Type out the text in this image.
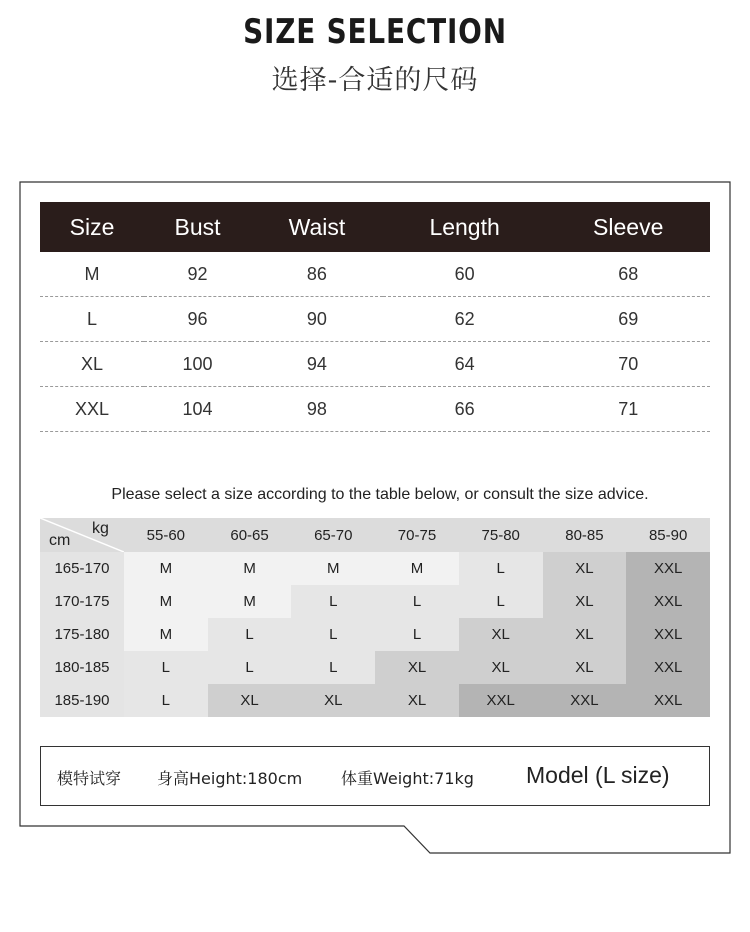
SIZE SELECTION
选择-合适的尺码
Size	Bust	Waist	Length	Sleeve
M	92	86	60	68
L	96	90	62	69
XL	100	94	64	70
XXL	104	98	66	71
Please select a size according to the table below, or consult the size advice.
kg
cm	55-60	60-65	65-70	70-75	75-80	80-85	85-90
165-170	M	M	M	M	L	XL	XXL
170-175	M	M	L	L	L	XL	XXL
175-180	M	L	L	L	XL	XL	XXL
180-185	L	L	L	XL	XL	XL	XXL
185-190	L	XL	XL	XL	XXL	XXL	XXL
模特试穿 身高Height:180cm 体重Weight:71kg Model (L size)
